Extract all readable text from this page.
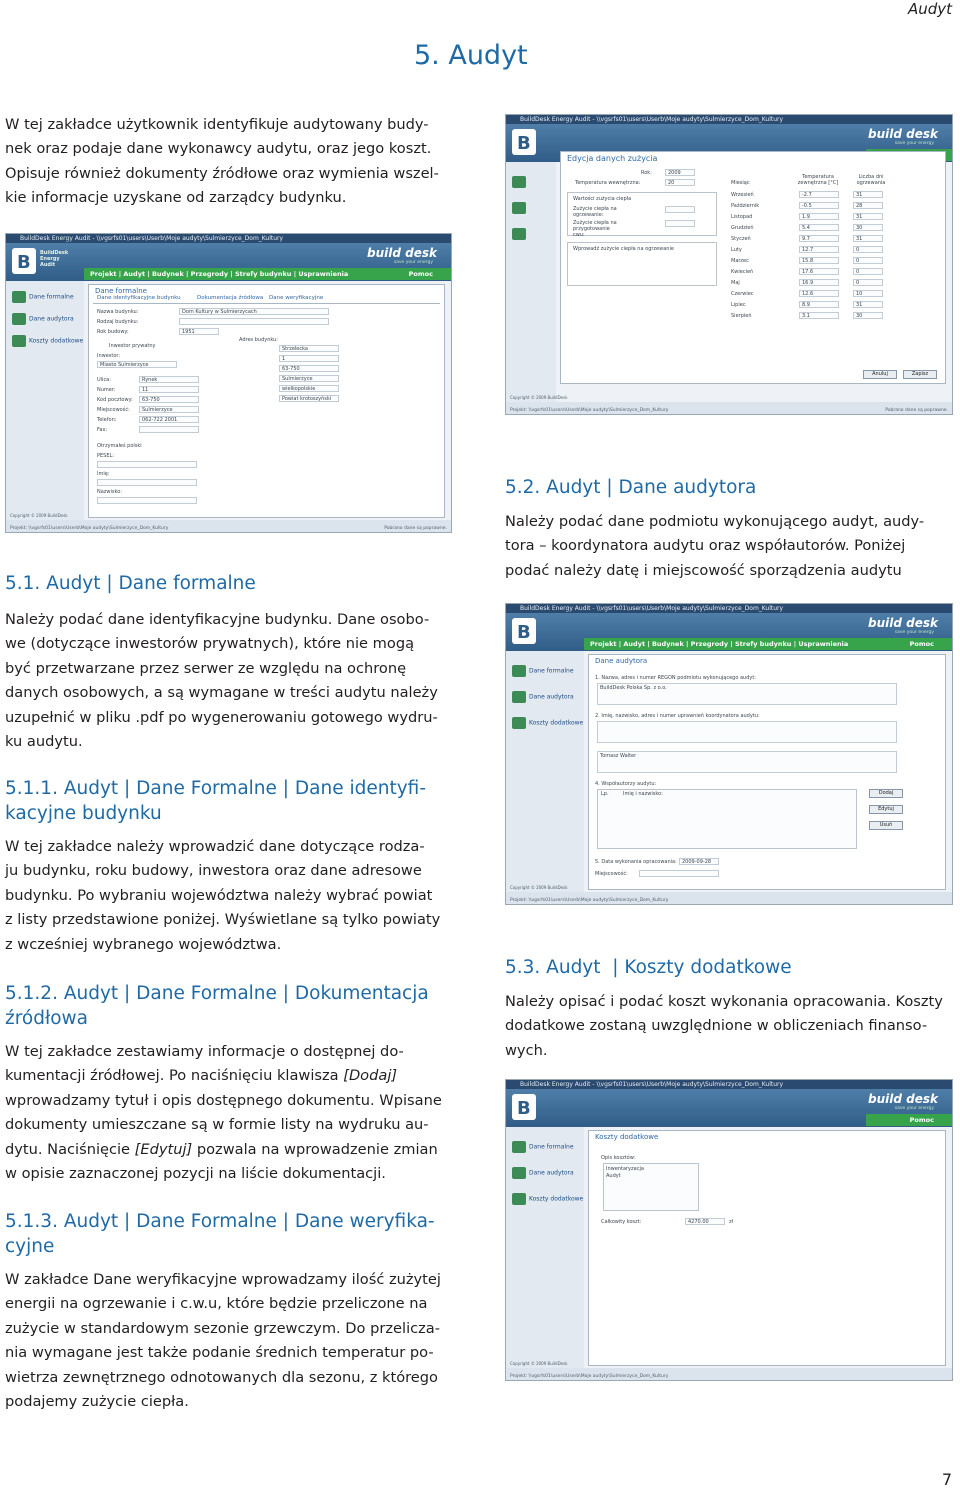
Audyt
5. Audyt
W tej zakładce użytkownik identyfikuje audytowany budy-
nek oraz podaje dane wykonawcy audytu, oraz jego koszt.
Opisuje również dokumenty źródłowe oraz wymienia wszel-
kie informacje uzyskane od zarządcy budynku.
BuildDesk Energy Audit - \\vgsrfs01\users\Userb\Moje audyty\Sulmierzyce_Dom_Kultury
B BuildDesk Energy Audit
build desk
save your energy
Projekt | Audyt | Budynek | Przegrody | Strefy budynku | Usprawnienia	Pomoc
Dane formalne
Dane audytora
Koszty dodatkowe
Dane formalne
Dane identyfikacyjne budynku	Dokumentacja źródłowa Dane weryfikacyjne
Nazwa budynku:	Dom Kultury w Sulmierzycach
Rodzaj budynku:
Rok budowy:	1951
Inwestor prywatny
Inwestor:
Miasto Sulmierzyce
Ulica:	Rynek
Numer:	11
Kod pocztowy: 63-750
Miejscowość: Sulmierzyce
Telefon:	062-722 2001
Fax:
Adres budynku:
Strzelecka
1
63-750
Sulmierzyce
wielkopolskie
Powiat krotoszyński
Otrzymałeś polski
PESEL:
Imię:
Nazwisko:
Copyright © 2009 BuildDesk
Projekt: \\vgsrfs01\users\Userb\Moje audyty\Sulmierzyce_Dom_Kultury	Pobrano dane są poprawne.
BuildDesk Energy Audit - \\vgsrfs01\users\Userb\Moje audyty\Sulmierzyce_Dom_Kultury
B	build desk
save your energy
Edycja danych zużycia
Rok:	2009
Temperatura wewnętrzna:	20
Wartości zużycia ciepła
Zużycie ciepła na ogrzewanie:
Zużycie ciepła na przygotowanie cwu:
Wprowadź zużycie ciepła na ogrzewanie
Miesiąc
Temperatura zewnętrzna [°C]
Liczba dni ogrzewania
Wrzesień	-2.7	31
Październik	-0.5	28
Listopad	1.9	31
Grudzień	5.4	30
Styczeń	9.7	31
Luty	12.7	0
Marzec	15.8	0
Kwiecień	17.6	0
Maj	16.9	0
Czerwiec	12.6	10
Lipiec	8.9	31
Sierpień	3.1	30
Anuluj	Zapisz
Copyright © 2009 BuildDesk
Projekt: \\vgsrfs01\users\Userb\Moje audyty\Sulmierzyce_Dom_Kultury	Pobrano dane są poprawne.
5.2. Audyt | Dane audytora
Należy podać dane podmiotu wykonującego audyt, audy-
tora – koordynatora audytu oraz współautorów. Poniżej
podać należy datę i miejscowość sporządzenia audytu
5.1. Audyt | Dane formalne
Należy podać dane identyfikacyjne budynku. Dane osobo-
we (dotyczące inwestorów prywatnych), które nie mogą
być przetwarzane przez serwer ze względu na ochronę
danych osobowych, a są wymagane w treści audytu należy
uzupełnić w pliku .pdf po wygenerowaniu gotowego wydru-
ku audytu.
BuildDesk Energy Audit - \\vgsrfs01\users\Userb\Moje audyty\Sulmierzyce_Dom_Kultury
B	build desk
save your energy
Projekt | Audyt | Budynek | Przegrody | Strefy budynku | Usprawnienia	Pomoc
Dane formalne
Dane audytora
Koszty dodatkowe
Dane audytora
1. Nazwa, adres i numer REGON podmiotu wykonującego audyt:
BuildDesk Polska Sp. z o.o.
2. Imię, nazwisko, adres i numer uprawnień koordynatora audytu:
Tomasz Walter
4. Współautorzy audytu:
Lp.	Imię i nazwisko:	Dodaj
Edytuj
Usuń
5. Data wykonania opracowania: 2009-09-28
Miejscowość:
Copyright © 2009 BuildDesk
Projekt: \\vgsrfs01\users\Userb\Moje audyty\Sulmierzyce_Dom_Kultury
5.1.1. Audyt | Dane Formalne | Dane identyfi-
kacyjne budynku
W tej zakładce należy wprowadzić dane dotyczące rodza-
ju budynku, roku budowy, inwestora oraz dane adresowe
budynku. Po wybraniu województwa należy wybrać powiat
z listy przedstawione poniżej. Wyświetlane są tylko powiaty
z wcześniej wybranego województwa.
5.3. Audyt  | Koszty dodatkowe
Należy opisać i podać koszt wykonania opracowania. Koszty
dodatkowe zostaną uwzględnione w obliczeniach finanso-
wych.
5.1.2. Audyt | Dane Formalne | Dokumentacja
źródłowa
W tej zakładce zestawiamy informacje o dostępnej do-
kumentacji źródłowej. Po naciśnięciu klawisza [Dodaj]
wprowadzamy tytuł i opis dostępnego dokumentu. Wpisane
dokumenty umieszczane są w formie listy na wydruku au-
dytu. Naciśnięcie [Edytuj] pozwala na wprowadzenie zmian
w opisie zaznaczonej pozycji na liście dokumentacji.
BuildDesk Energy Audit - \\vgsrfs01\users\Userb\Moje audyty\Sulmierzyce_Dom_Kultury
B	build desk
save your energy
Pomoc
Dane formalne
Dane audytora
Koszty dodatkowe
Koszty dodatkowe
Opis kosztów:
Inwentaryzacja
Audyt
Całkowity koszt:	4270.00	zł
Copyright © 2009 BuildDesk
Projekt: \\vgsrfs01\users\Userb\Moje audyty\Sulmierzyce_Dom_Kultury
5.1.3. Audyt | Dane Formalne | Dane weryfika-
cyjne
W zakładce Dane weryfikacyjne wprowadzamy ilość zużytej
energii na ogrzewanie i c.w.u, które będzie przeliczone na
zużycie w standardowym sezonie grzewczym. Do przelicza-
nia wymagane jest także podanie średnich temperatur po-
wietrza zewnętrznego odnotowanych dla sezonu, z którego
podajemy zużycie ciepła.
7
